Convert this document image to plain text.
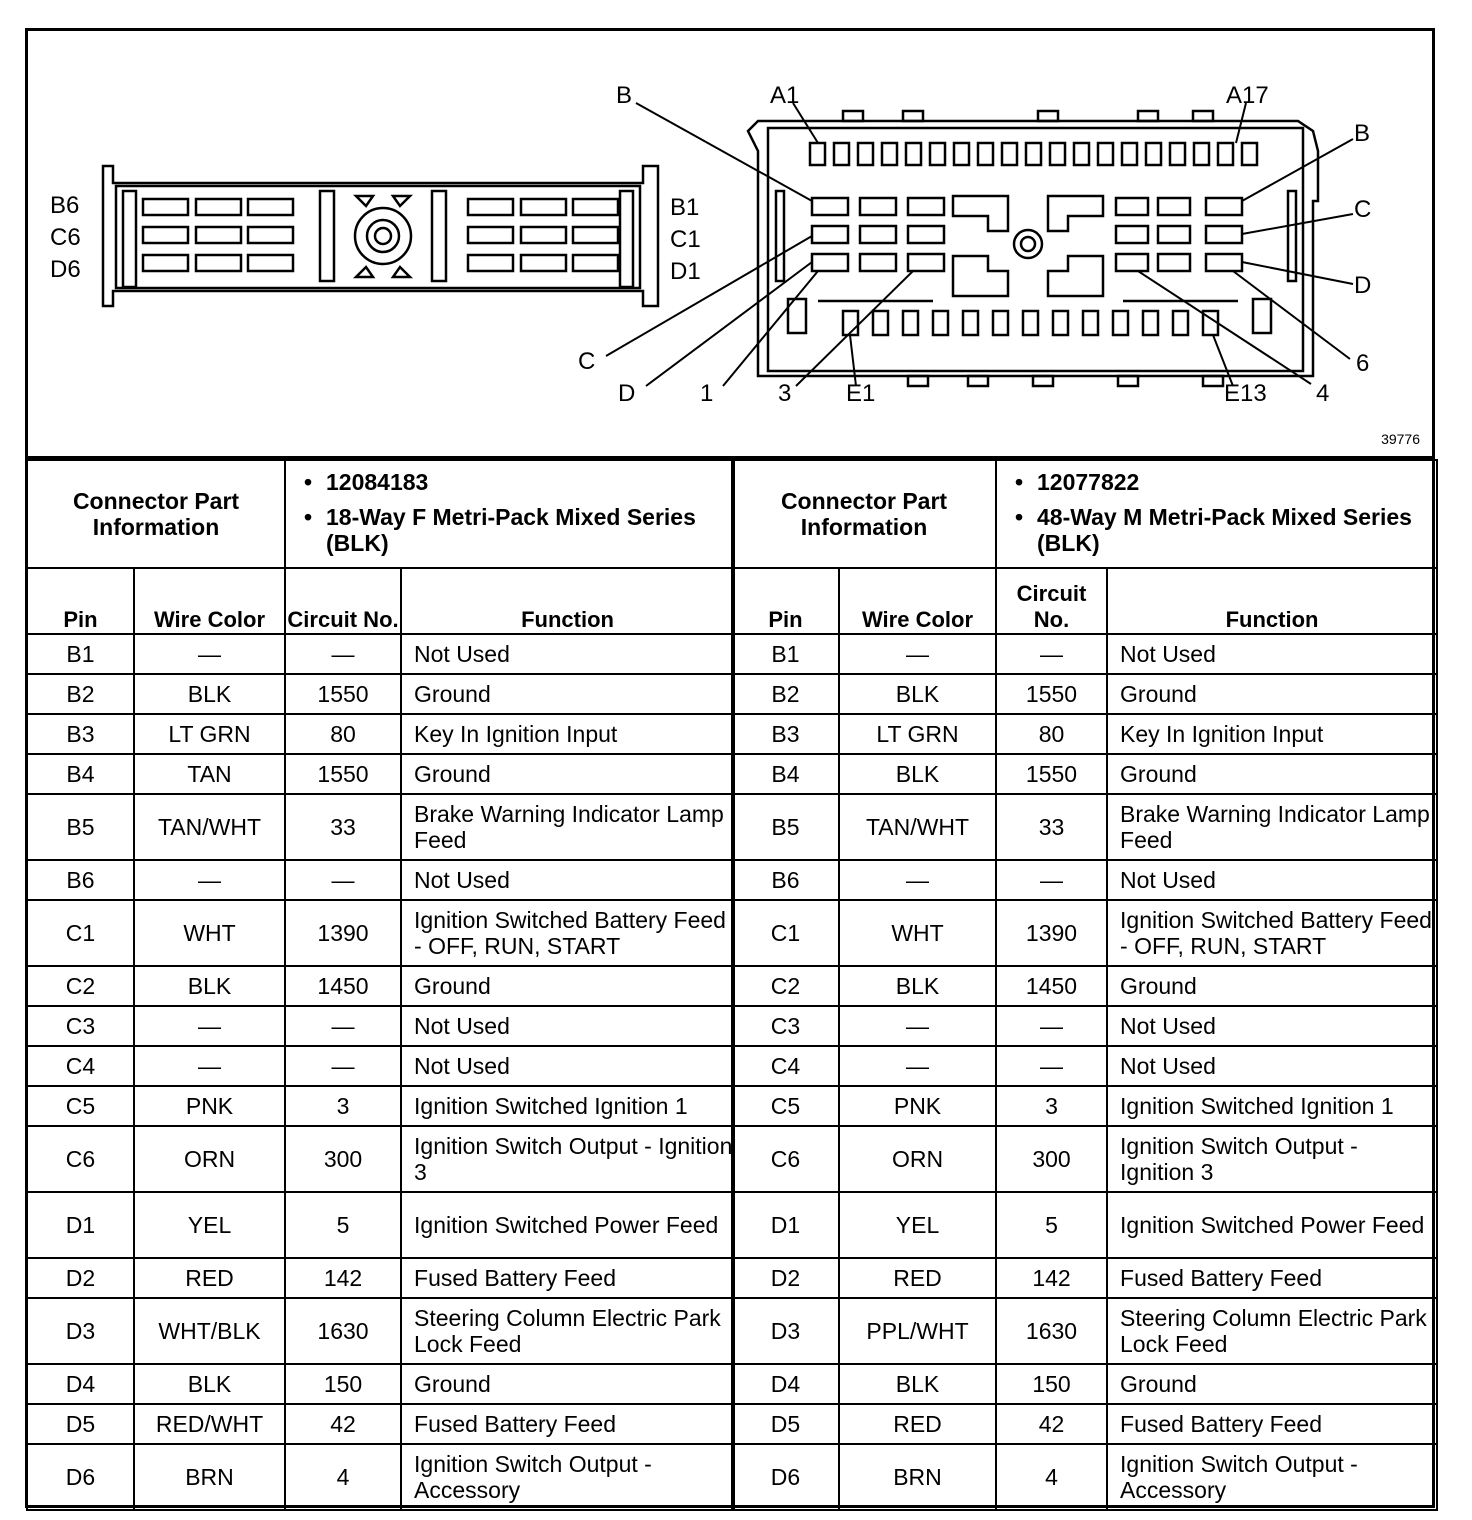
B6
C6
D6
B1
C1
D1
B	A1	A17
B
C
D
6
4
E13
E1
3
1
D
C
39776
Connector Part Information		• 12084183
• 18-Way F Metri-Pack Mixed Series (BLK)

Pin	Wire Color	Circuit No.	Function
B1	—	—	Not Used
B2	BLK	1550	Ground
B3	LT GRN	80	Key In Ignition Input
B4	TAN	1550	Ground
B5	TAN/WHT	33	Brake Warning Indicator Lamp Feed
B6	—	—	Not Used
C1	WHT	1390	Ignition Switched Battery Feed - OFF, RUN, START
C2	BLK	1450	Ground
C3	—	—	Not Used
C4	—	—	Not Used
C5	PNK	3	Ignition Switched Ignition 1
C6	ORN	300	Ignition Switch Output - Ignition 3
D1	YEL	5	Ignition Switched Power Feed
D2	RED	142	Fused Battery Feed
D3	WHT/BLK	1630	Steering Column Electric Park Lock Feed
D4	BLK	150	Ground
D5	RED/WHT	42	Fused Battery Feed
D6	BRN	4	Ignition Switch Output - Accessory
Connector Part Information		• 12077822
• 48-Way M Metri-Pack Mixed Series (BLK)

Pin	Wire Color	Circuit No.	Function
B1	—	—	Not Used
B2	BLK	1550	Ground
B3	LT GRN	80	Key In Ignition Input
B4	BLK	1550	Ground
B5	TAN/WHT	33	Brake Warning Indicator Lamp Feed
B6	—	—	Not Used
C1	WHT	1390	Ignition Switched Battery Feed - OFF, RUN, START
C2	BLK	1450	Ground
C3	—	—	Not Used
C4	—	—	Not Used
C5	PNK	3	Ignition Switched Ignition 1
C6	ORN	300	Ignition Switch Output - Ignition 3
D1	YEL	5	Ignition Switched Power Feed
D2	RED	142	Fused Battery Feed
D3	PPL/WHT	1630	Steering Column Electric Park Lock Feed
D4	BLK	150	Ground
D5	RED	42	Fused Battery Feed
D6	BRN	4	Ignition Switch Output - Accessory
